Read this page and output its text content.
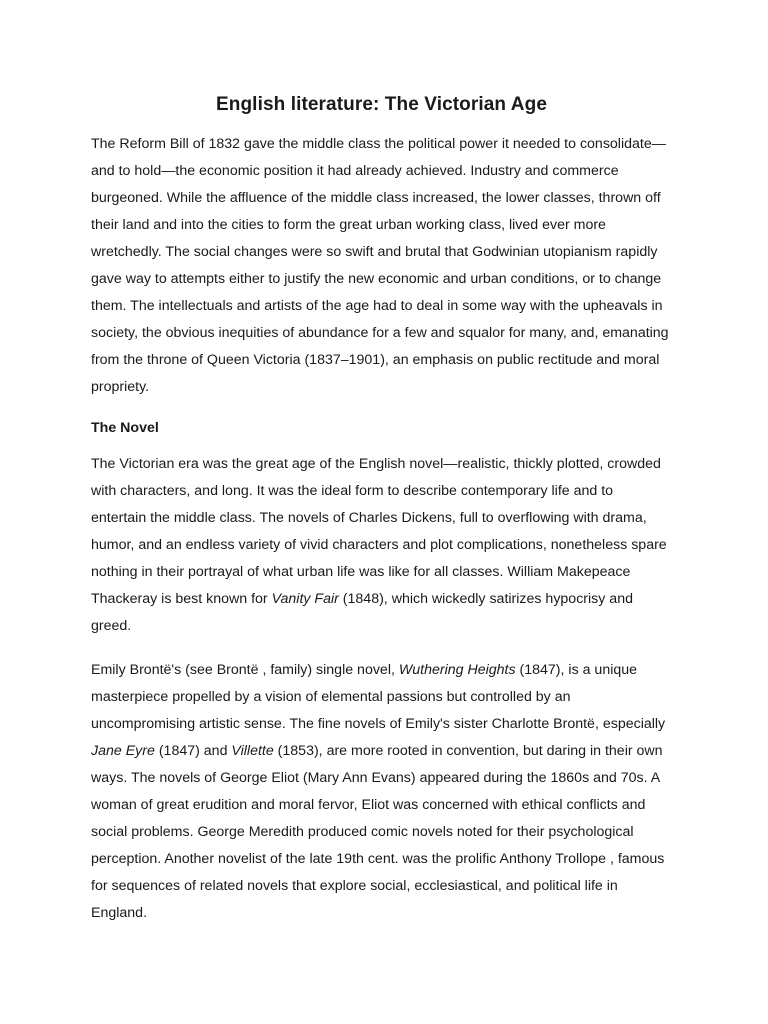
English literature: The Victorian Age

The Reform Bill of 1832 gave the middle class the political power it needed to consolidate—and to hold—the economic position it had already achieved. Industry and commerce burgeoned. While the affluence of the middle class increased, the lower classes, thrown off their land and into the cities to form the great urban working class, lived ever more wretchedly. The social changes were so swift and brutal that Godwinian utopianism rapidly gave way to attempts either to justify the new economic and urban conditions, or to change them. The intellectuals and artists of the age had to deal in some way with the upheavals in society, the obvious inequities of abundance for a few and squalor for many, and, emanating from the throne of Queen Victoria (1837–1901), an emphasis on public rectitude and moral propriety.

The Novel

The Victorian era was the great age of the English novel—realistic, thickly plotted, crowded with characters, and long. It was the ideal form to describe contemporary life and to entertain the middle class. The novels of Charles Dickens, full to overflowing with drama, humor, and an endless variety of vivid characters and plot complications, nonetheless spare nothing in their portrayal of what urban life was like for all classes. William Makepeace Thackeray is best known for Vanity Fair (1848), which wickedly satirizes hypocrisy and greed.

Emily Brontë's (see Brontë , family) single novel, Wuthering Heights (1847), is a unique masterpiece propelled by a vision of elemental passions but controlled by an uncompromising artistic sense. The fine novels of Emily's sister Charlotte Brontë, especially Jane Eyre (1847) and Villette (1853), are more rooted in convention, but daring in their own ways. The novels of George Eliot (Mary Ann Evans) appeared during the 1860s and 70s. A woman of great erudition and moral fervor, Eliot was concerned with ethical conflicts and social problems. George Meredith produced comic novels noted for their psychological perception. Another novelist of the late 19th cent. was the prolific Anthony Trollope , famous for sequences of related novels that explore social, ecclesiastical, and political life in England.
